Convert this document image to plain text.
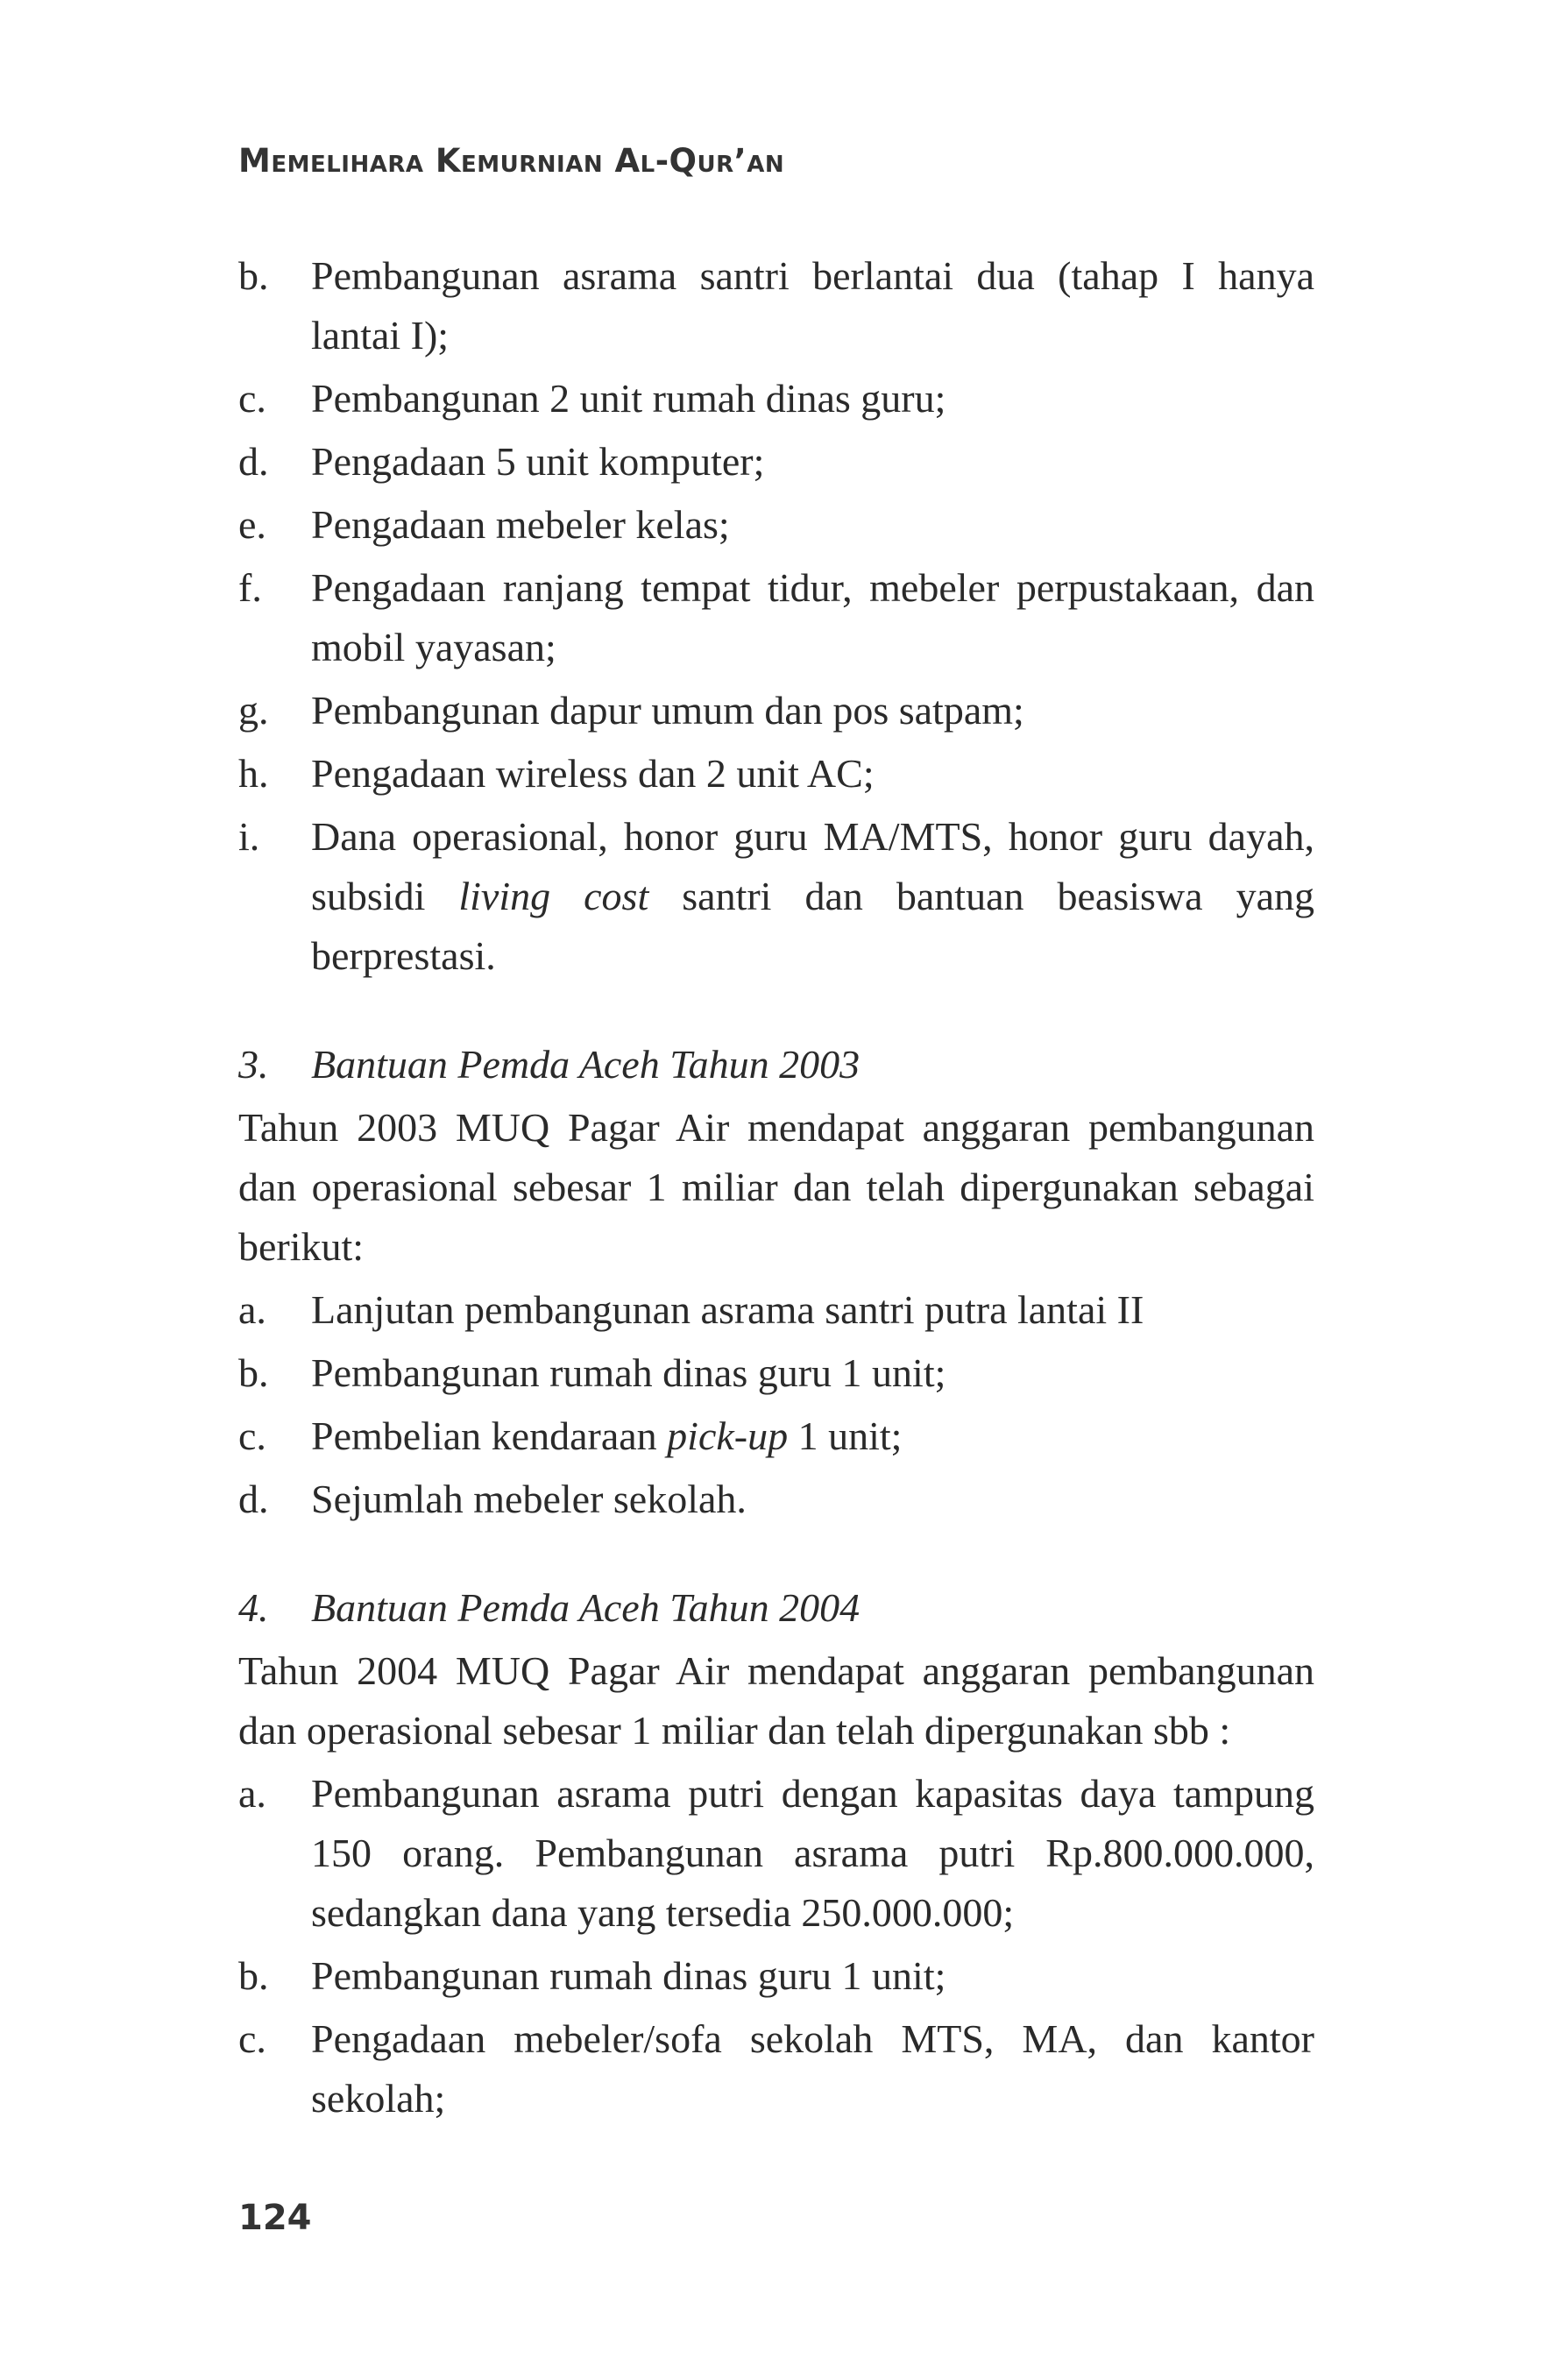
Memelihara Kemurnian Al-Qur’an
b.	Pembangunan asrama santri berlantai dua (tahap I hanya lantai I);
c.	Pembangunan 2 unit rumah dinas guru;
d.	Pengadaan 5 unit komputer;
e.	Pengadaan mebeler kelas;
f.	Pengadaan ranjang tempat tidur, mebeler perpustakaan, dan mobil yayasan;
g.	Pembangunan dapur umum dan pos satpam;
h.	Pengadaan wireless dan 2 unit AC;
i.	Dana operasional, honor guru MA/MTS, honor guru dayah, subsidi living cost santri dan bantuan beasiswa yang berprestasi.
3.	Bantuan Pemda Aceh Tahun 2003
Tahun 2003 MUQ Pagar Air mendapat anggaran pembangunan dan operasional sebesar 1 miliar dan telah dipergunakan sebagai berikut:
a.	Lanjutan pembangunan asrama santri putra lantai II
b.	Pembangunan rumah dinas guru 1 unit;
c.	Pembelian kendaraan pick-up 1 unit;
d.	Sejumlah mebeler sekolah.
4.	Bantuan Pemda Aceh Tahun 2004
Tahun 2004 MUQ Pagar Air mendapat anggaran pembangunan dan operasional sebesar 1 miliar dan telah dipergunakan sbb :
a.	Pembangunan asrama putri dengan kapasitas daya tampung 150 orang. Pembangunan asrama putri Rp.800.000.000, sedangkan dana yang tersedia 250.000.000;
b.	Pembangunan rumah dinas guru 1 unit;
c.	Pengadaan mebeler/sofa sekolah MTS, MA, dan kantor sekolah;
124
